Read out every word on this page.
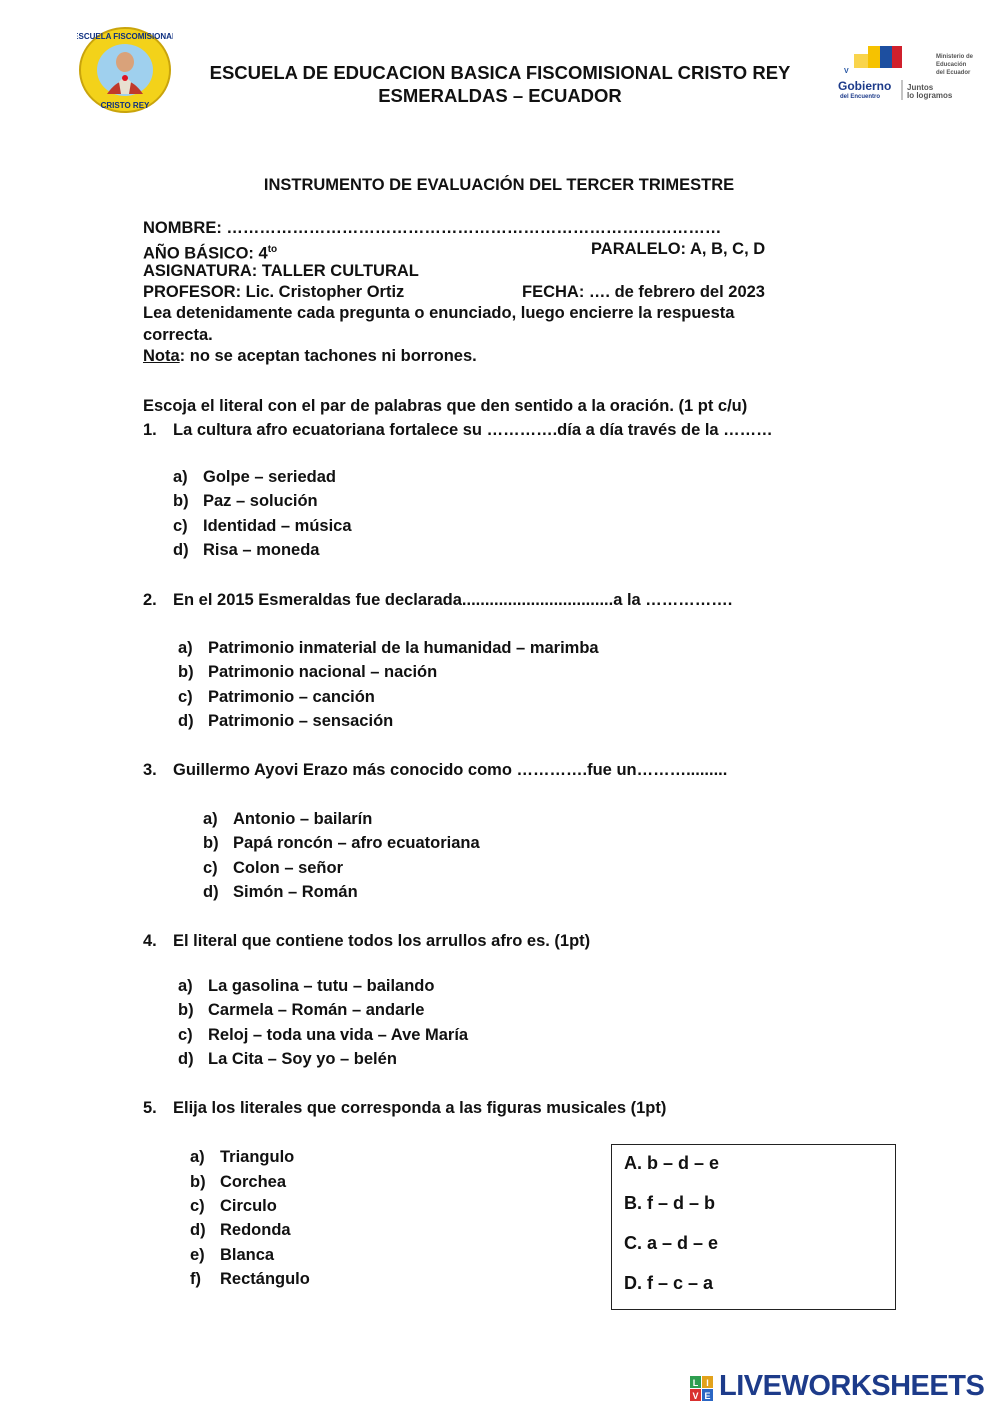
ESCUELA FISCOMISIONAL
CRISTO REY
ESCUELA DE EDUCACION BASICA FISCOMISIONAL CRISTO REY
ESMERALDAS – ECUADOR
V
Gobierno
del Encuentro
Juntos
lo logramos
Ministerio de
Educación
del Ecuador
INSTRUMENTO DE EVALUACIÓN DEL TERCER TRIMESTRE
NOMBRE: ………………………………………………………………………………
AÑO BÁSICO: $4^{to}$	PARALELO: A, B, C, D
ASIGNATURA: TALLER CULTURAL
PROFESOR: Lic. Cristopher Ortiz	FECHA: …. de febrero del 2023
Lea detenidamente cada pregunta o enunciado, luego encierre la respuesta
correcta.
Nota: no se aceptan tachones ni borrones.
Escoja el literal con el par de palabras que den sentido a la oración. (1 pt c/u)
1. La cultura afro ecuatoriana fortalece su ………….día a día través de la ………
a) Golpe – seriedad
b) Paz – solución
c) Identidad – música
d) Risa – moneda
2. En el 2015 Esmeraldas fue declarada.................................a la …………….
a) Patrimonio inmaterial de la humanidad – marimba
b) Patrimonio nacional – nación
c) Patrimonio – canción
d) Patrimonio – sensación
3. Guillermo Ayovi Erazo más conocido como ………….fue un……….........
a) Antonio – bailarín
b) Papá roncón – afro ecuatoriana
c) Colon – señor
d) Simón – Román
4. El literal que contiene todos los arrullos afro es. (1pt)
a) La gasolina – tutu – bailando
b) Carmela – Román – andarle
c) Reloj – toda una vida – Ave María
d) La Cita – Soy yo – belén
5. Elija los literales que corresponda a las figuras musicales (1pt)
a) Triangulo
b) Corchea
c) Circulo
d) Redonda
e) Blanca
f) Rectángulo
A. b – d – e
B. f – d – b
C. a – d – e
D. f – c – a
L I
V E LIVEWORKSHEETS
